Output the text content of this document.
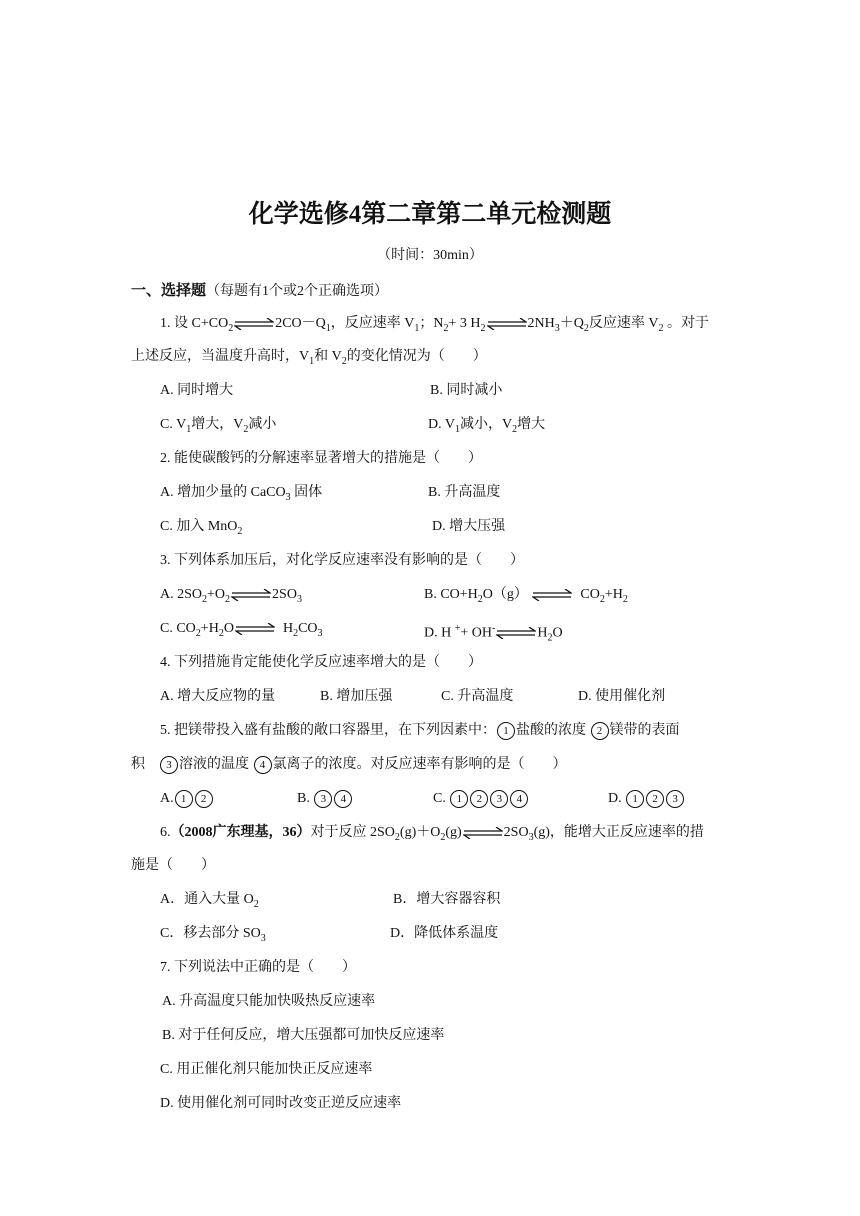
化学选修4第二章第二单元检测题
（时间：30min）
一、选择题（每题有1个或2个正确选项）
1. 设 $C+CO_2\rightleftharpoons 2CO-Q_1$，反应速率 $V_1$；$N_2+ 3$ $H_2\rightleftharpoons 2NH_3+Q_2$反应速率 $V_2$ 。对于
上述反应，当温度升高时，$V_1$和 $V_2$的变化情况为（　　）
A. 同时增大	B. 同时减小
C. $V_1$增大，$V_2$减小	D. $V_1$减小，$V_2$增大
2. 能使碳酸钙的分解速率显著增大的措施是（　　）
A. 增加少量的 CaCO$_3$ 固体	B. 升高温度
C. 加入 MnO$_2$	D. 增大压强
3. 下列体系加压后，对化学反应速率没有影响的是（　　）
A. $2SO_2+O_2\rightleftharpoons 2SO_3$	B. $CO+H_2O(g)$ ⇌ $CO_2+H_2$
C. $CO_2+H_2O\rightleftharpoons$ $H_2CO_3$	D. H $^++ OH^-\rightleftharpoons H_2O$
4. 下列措施肯定能使化学反应速率增大的是（　　）
A. 增大反应物的量	B. 增加压强	C. 升高温度	D. 使用催化剂
5. 把镁带投入盛有盐酸的敞口容器里，在下列因素中： 1 盐酸的浓度 2 镁带的表面
积 3 溶液的温度 4 氯离子的浓度。对反应速率有影响的是（　　）
A. 1 2	B. 3 4	C. 1 2 3 4	D. 1 2 3
6.（2008广东理基，36）对于反应 $2SO_2(g)+O_2(g)\rightleftharpoons 2SO_3(g)$，能增大正反应速率的措
施是（　　）
A．通入大量 $O_2$	B．增大容器容积
C．移去部分 $SO_3$	D．降低体系温度
7. 下列说法中正确的是（　　）
A. 升高温度只能加快吸热反应速率
B. 对于任何反应，增大压强都可加快反应速率
C. 用正催化剂只能加快正反应速率
D. 使用催化剂可同时改变正逆反应速率
